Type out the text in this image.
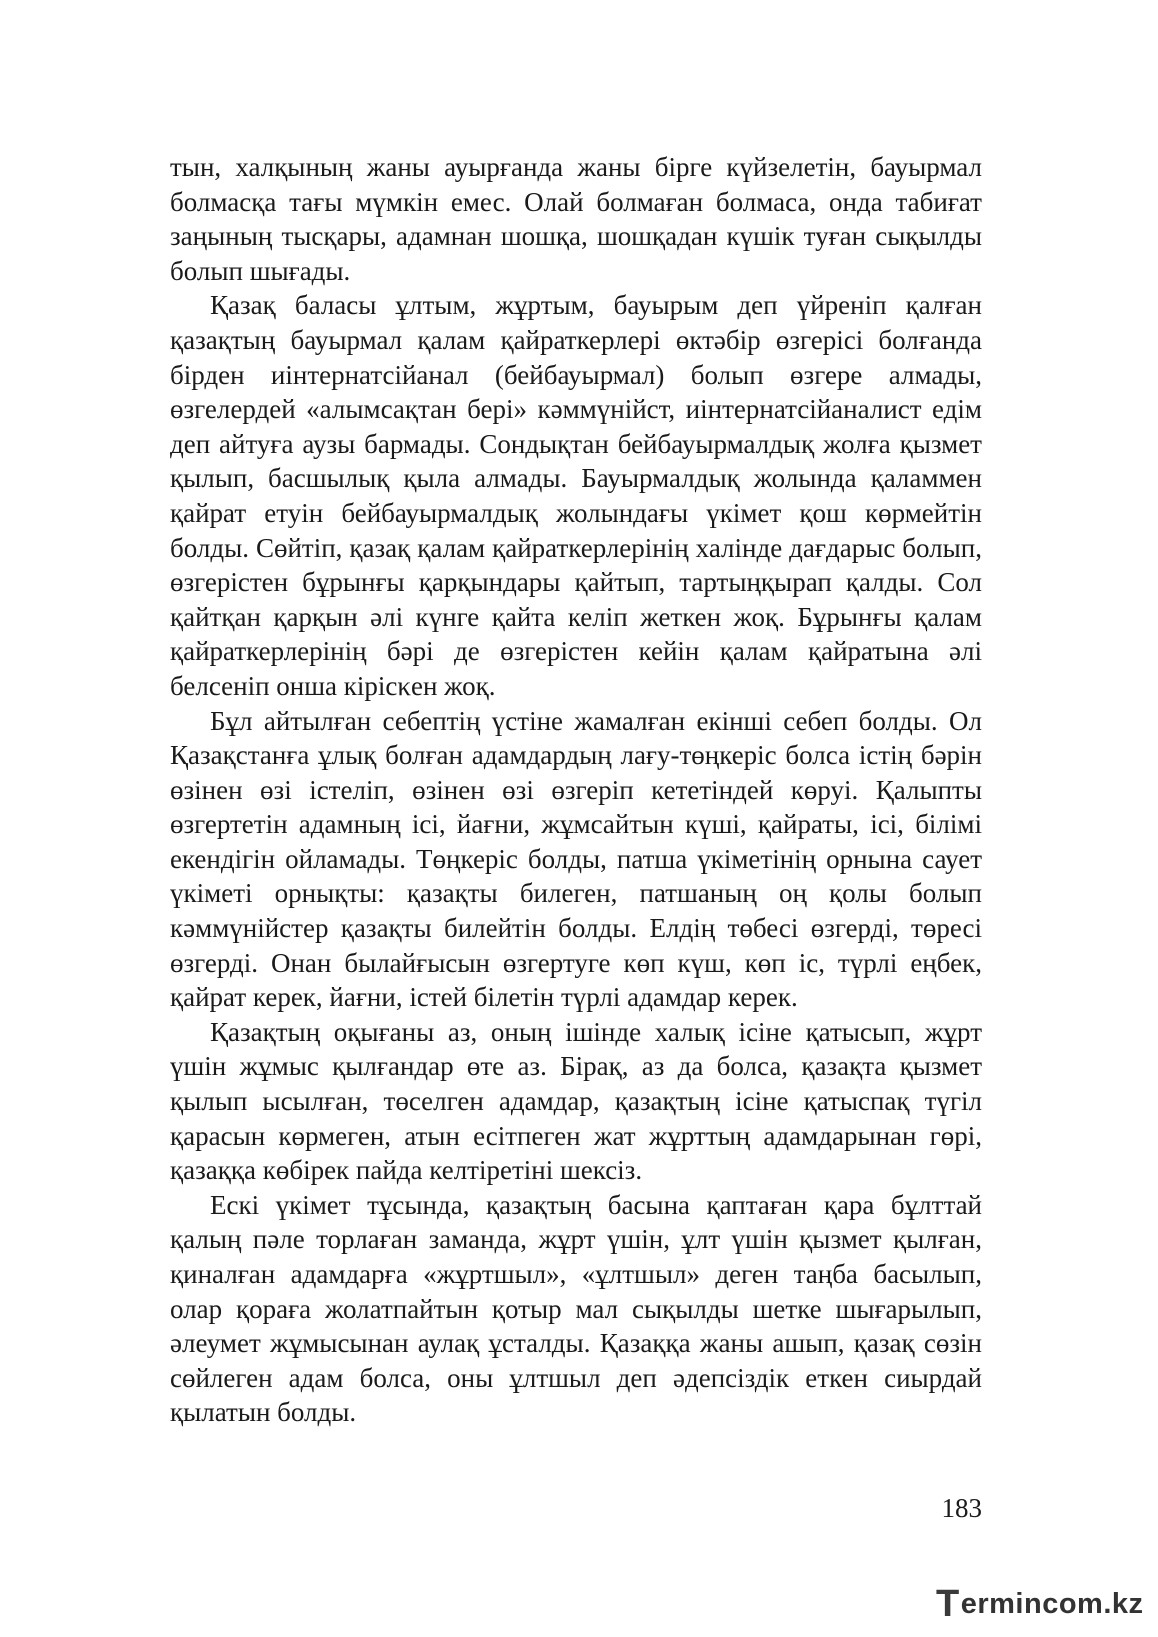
тын, халқының жаны ауырғанда жаны бірге күйзелетін, бауырмал болмасқа тағы мүмкін емес. Олай болмаған болмаса, онда табиғат заңының тысқары, адамнан шошқа, шошқадан күшік туған сықылды болып шығады.

Қазақ баласы ұлтым, жұртым, бауырым деп үйреніп қалған қазақтың бауырмал қалам қайраткерлері өктәбір өзгерісі болғанда бірден иінтернатсійанал (бейбауырмал) болып өзгере алмады, өзгелердей «алымсақтан бері» кәммүнійст, иінтернатсійаналист едім деп айтуға аузы бармады. Сондықтан бейбауырмалдық жолға қызмет қылып, басшылық қыла алмады. Бауырмалдық жолында қаламмен қайрат етуін бейбауырмалдық жолындағы үкімет қош көрмейтін болды. Сөйтіп, қазақ қалам қайраткерлерінің халінде дағдарыс болып, өзгерістен бұрынғы қарқындары қайтып, тартыңқырап қалды. Сол қайтқан қарқын әлі күнге қайта келіп жеткен жоқ. Бұрынғы қалам қайраткерлерінің бәрі де өзгерістен кейін қалам қайратына әлі белсеніп онша кірісκен жоқ.

Бұл айтылған себептің үстіне жамалған екінші себеп болды. Ол Қазақстанға ұлық болған адамдардың лағу-төңкеріс болса істің бәрін өзінен өзі істеліп, өзінен өзі өзгеріп кететіндей көруі. Қалыпты өзгертетін адамның ісі, йағни, жұмсайтын күші, қайраты, ісі, білімі екендігін ойламады. Төңкеріс болды, патша үкіметінің орнына саует үкіметі орнықты: қазақты билеген, патшаның оң қолы болып кәммүнійстер қазақты билейтін болды. Елдің төбесі өзгерді, төресі өзгерді. Онан былайғысын өзгертуге көп күш, көп іс, түрлі еңбек, қайрат керек, йағни, істей білетін түрлі адамдар керек.

Қазақтың оқығаны аз, оның ішінде халық ісіне қатысып, жұрт үшін жұмыс қылғандар өте аз. Бірақ, аз да болса, қазақта қызмет қылып ысылған, төселген адамдар, қазақтың ісіне қатыспақ түгіл қарасын көрмеген, атын есітпеген жат жұрттың адамдарынан гөрі, қазаққа көбірек пайда келтіретіні шексіз.

Ескі үкімет тұсында, қазақтың басына қаптаған қара бұлттай қалың пәле торлаған заманда, жұрт үшін, ұлт үшін қызмет қылған, қиналған адамдарға «жұртшыл», «ұлтшыл» деген таңба басылып, олар қораға жолатпайтын қотыр мал сықылды шетке шығарылып, әлеумет жұмысынан аулақ ұсталды. Қазаққа жаны ашып, қазақ сөзін сөйлеген адам болса, оны ұлтшыл деп әдепсіздік еткен сиырдай қылатын болды.

183
T ermincom.kz
